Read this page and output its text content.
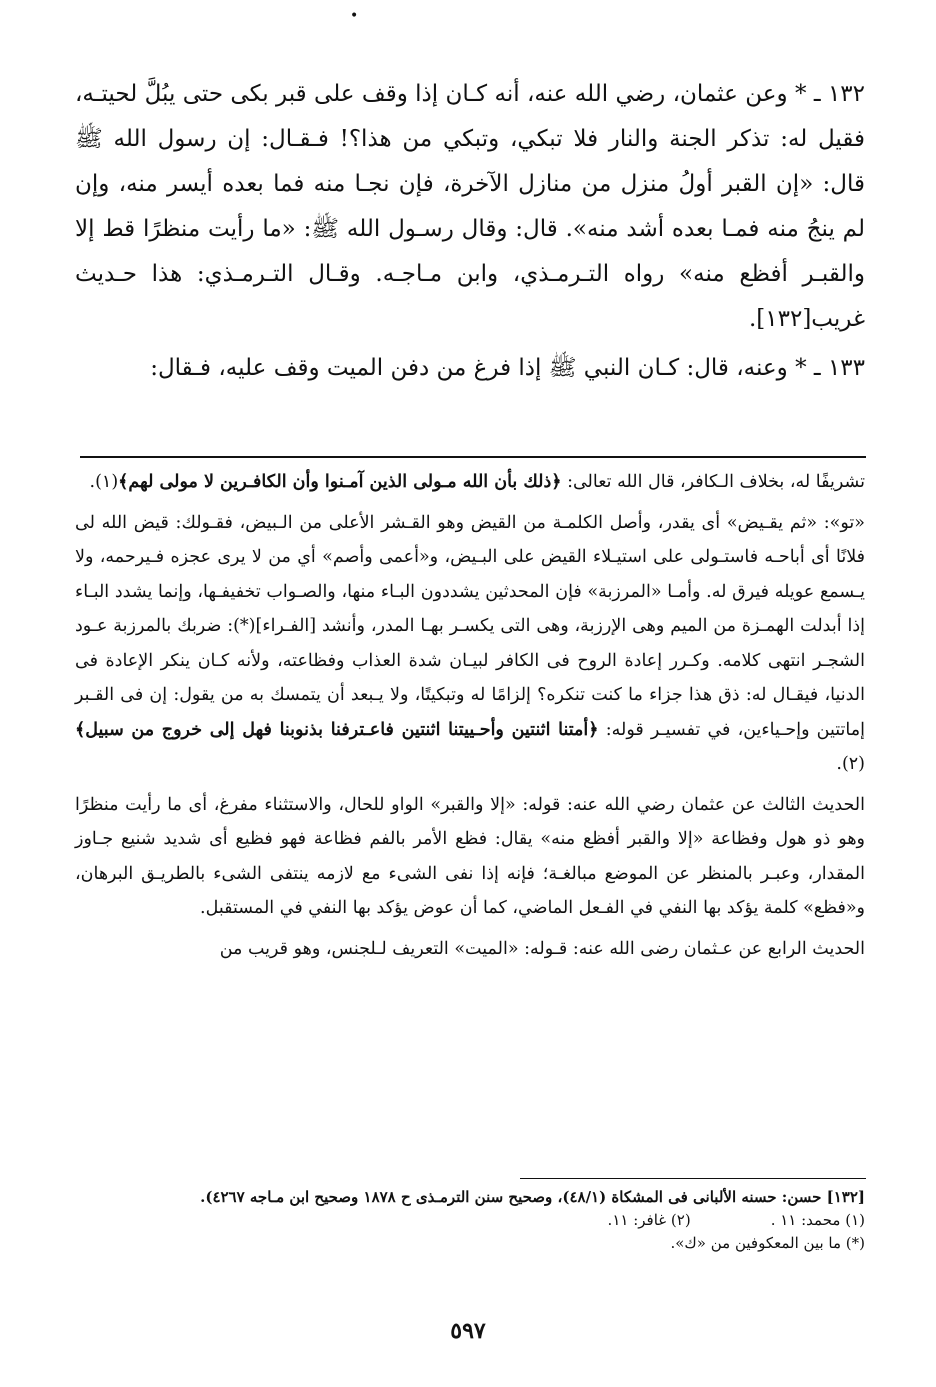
•

١٣٢ ـ * وعن عثمان، رضي الله عنه، أنه كـان إذا وقف على قبر بكى حتى يبُلَّ لحيتـه، فقيل له: تذكر الجنة والنار فلا تبكي، وتبكي من هذا؟! فـقـال: إن رسول الله ﷺ قال: «إن القبر أولُ منزل من منازل الآخرة، فإن نجـا منه فما بعده أيسر منه، وإن لم ينجُ منه فمـا بعده أشد منه». قال: وقال رسـول الله ﷺ: «ما رأيت منظرًا قط إلا والقبـر أفظع منه» رواه التـرمـذي، وابن مـاجـه. وقـال التـرمـذي: هذا حـديث غريب[١٣٢].

١٣٣ ـ * وعنه، قال: كـان النبي ﷺ إذا فرغ من دفن الميت وقف عليه، فـقال:

تشريفًا له، بخلاف الـكافر، قال الله تعالى: ﴿ذلك بأن الله مـولى الذين آمـنوا وأن الكافـرين لا مولى لهم﴾(١).

«تو»: «ثم يقـيض» أى يقدر، وأصل الكلمـة من القيض وهو القـشر الأعلى من الـبيض، فقـولك: قيض الله لى فلانًا أى أباحـه فاستـولى على استيـلاء القيض على البـيض، و«أعمى وأصم» أي من لا يرى عجزه فـيرحمه، ولا يـسمع عويله فيرق له. وأمـا «المرزبة» فإن المحدثين يشددون البـاء منها، والصـواب تخفيفـها، وإنما يشدد البـاء إذا أبدلت الهمـزة من الميم وهى الإرزبة، وهى التى يكسـر بهـا المدر، وأنشد [الفـراء](*): ضربك بالمرزبة عـود الشجـر انتهى كلامه. وكـرر إعادة الروح فى الكافر لبيـان شدة العذاب وفظاعته، ولأنه كـان ينكر الإعادة فى الدنيا، فيقـال له: ذق هذا جزاء ما كنت تنكره؟ إلزامًا له وتبكيتًا، ولا يـبعد أن يتمسك به من يقول: إن فى القـبر إماتتين وإحـياءين، في تفسيـر قوله: ﴿أمتنا اثنتين وأحـييتنا اثنتين فاعـترفنا بذنوبنا فهل إلى خروج من سبيل﴾ (٢).

الحديث الثالث عن عثمان رضي الله عنه: قوله: «إلا والقبر» الواو للحال، والاستثناء مفرغ، أى ما رأيت منظرًا وهو ذو هول وفظاعة «إلا والقبر أفظع منه» يقال: فظع الأمر بالفم فظاعة فهو فظيع أى شديد شنيع جـاوز المقدار، وعبـر بالمنظر عن الموضع مبالغـة؛ فإنه إذا نفى الشىء مع لازمه ينتفى الشىء بالطريـق البرهان، و«فظع» كلمة يؤكد بها النفي في الفـعل الماضي، كما أن عوض يؤكد بها النفي في المستقبل.

الحديث الرابع عن عـثمان رضى الله عنه: قـوله: «الميت» التعريف لـلجنس، وهو قريب من

[١٣٢] حسن: حسنه الألبانى فى المشكاة (٤٨/١)، وصحيح سنن الترمـذى ح ١٨٧٨ وصحيح ابن مـاجه ٤٢٦٧).

(١) محمد: ١١ .
(٢) غافر: ١١.

(*) ما بين المعكوفين من «ك».

٥٩٧
